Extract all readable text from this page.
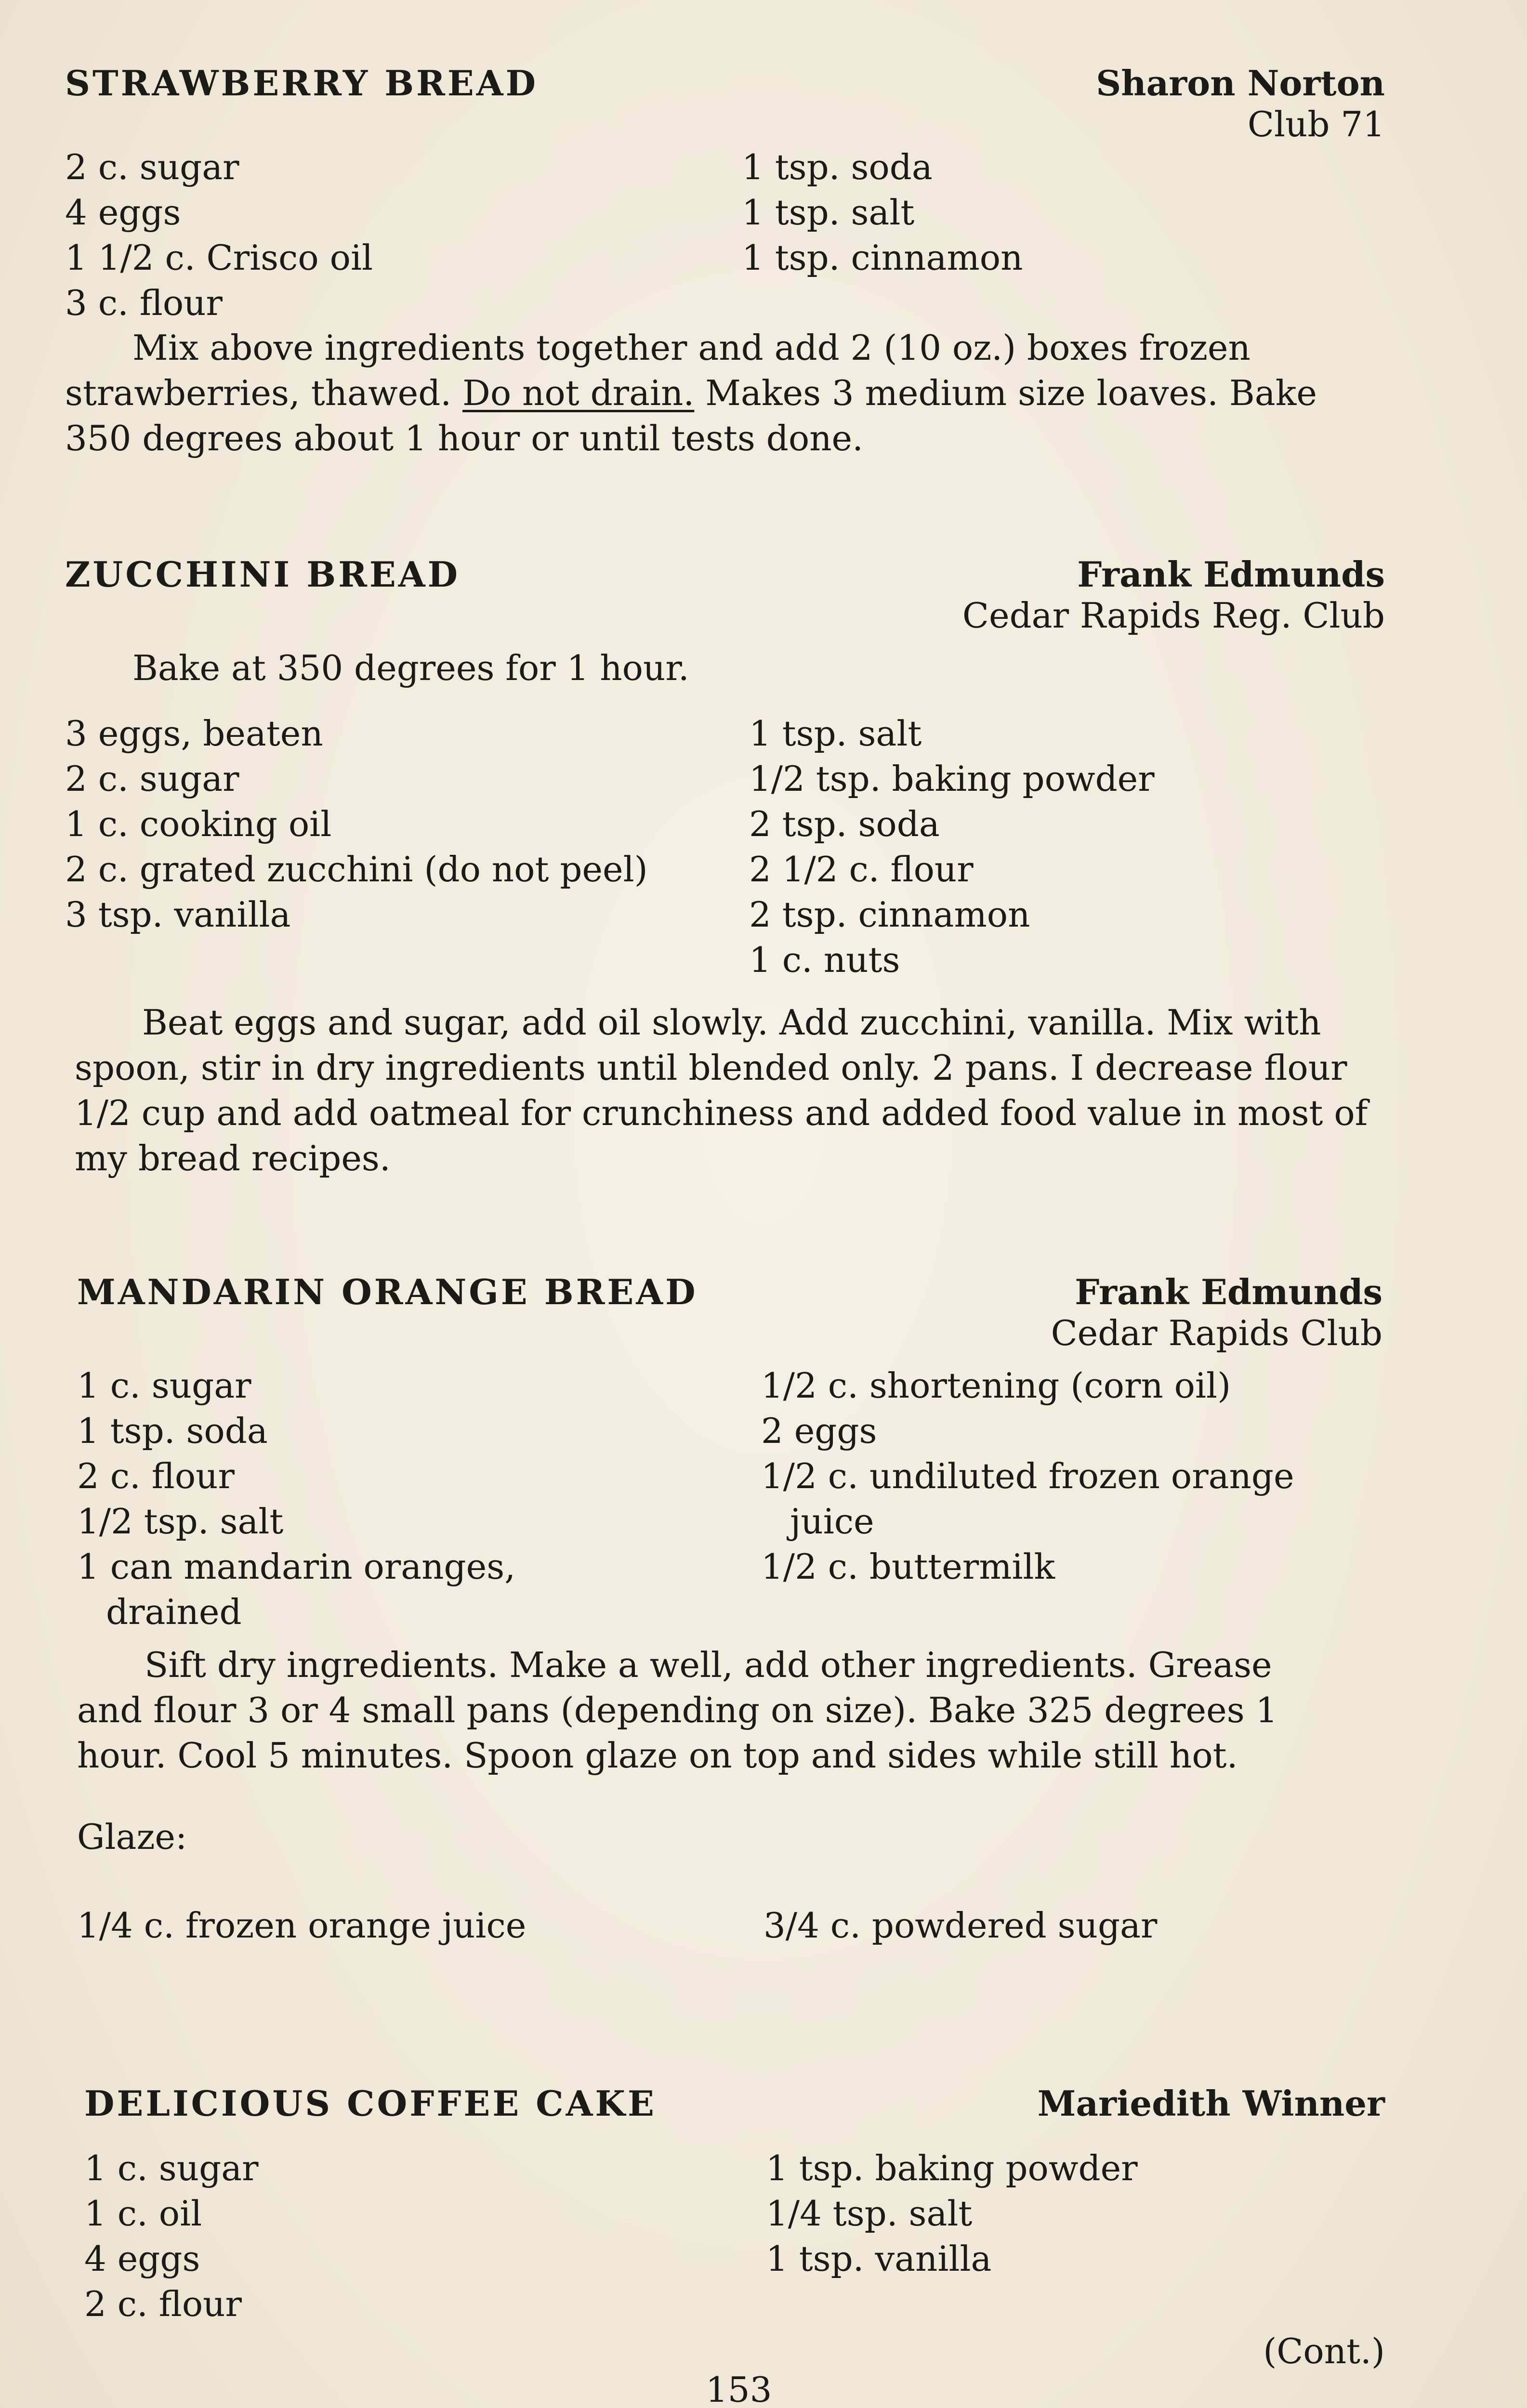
STRAWBERRY BREAD	Sharon Norton
Club 71
2 c. sugar
4 eggs
1 1/2 c. Crisco oil
3 c. flour
1 tsp. soda
1 tsp. salt
1 tsp. cinnamon
Mix above ingredients together and add 2 (10 oz.) boxes frozen strawberries, thawed. Do not drain. Makes 3 medium size loaves. Bake 350 degrees about 1 hour or until tests done.
ZUCCHINI BREAD	Frank Edmunds
Cedar Rapids Reg. Club
Bake at 350 degrees for 1 hour.
3 eggs, beaten
2 c. sugar
1 c. cooking oil
2 c. grated zucchini (do not peel)
3 tsp. vanilla
1 tsp. salt
1/2 tsp. baking powder
2 tsp. soda
2 1/2 c. flour
2 tsp. cinnamon
1 c. nuts
Beat eggs and sugar, add oil slowly. Add zucchini, vanilla. Mix with spoon, stir in dry ingredients until blended only. 2 pans. I decrease flour 1/2 cup and add oatmeal for crunchiness and added food value in most of my bread recipes.
MANDARIN ORANGE BREAD	Frank Edmunds
Cedar Rapids Club
1 c. sugar
1 tsp. soda
2 c. flour
1/2 tsp. salt
1 can mandarin oranges,
drained
1/2 c. shortening (corn oil)
2 eggs
1/2 c. undiluted frozen orange
juice
1/2 c. buttermilk
Sift dry ingredients. Make a well, add other ingredients. Grease and flour 3 or 4 small pans (depending on size). Bake 325 degrees 1 hour. Cool 5 minutes. Spoon glaze on top and sides while still hot.
Glaze:
1/4 c. frozen orange juice	3/4 c. powdered sugar
DELICIOUS COFFEE CAKE	Mariedith Winner
1 c. sugar
1 c. oil
4 eggs
2 c. flour
1 tsp. baking powder
1/4 tsp. salt
1 tsp. vanilla
(Cont.)
153
